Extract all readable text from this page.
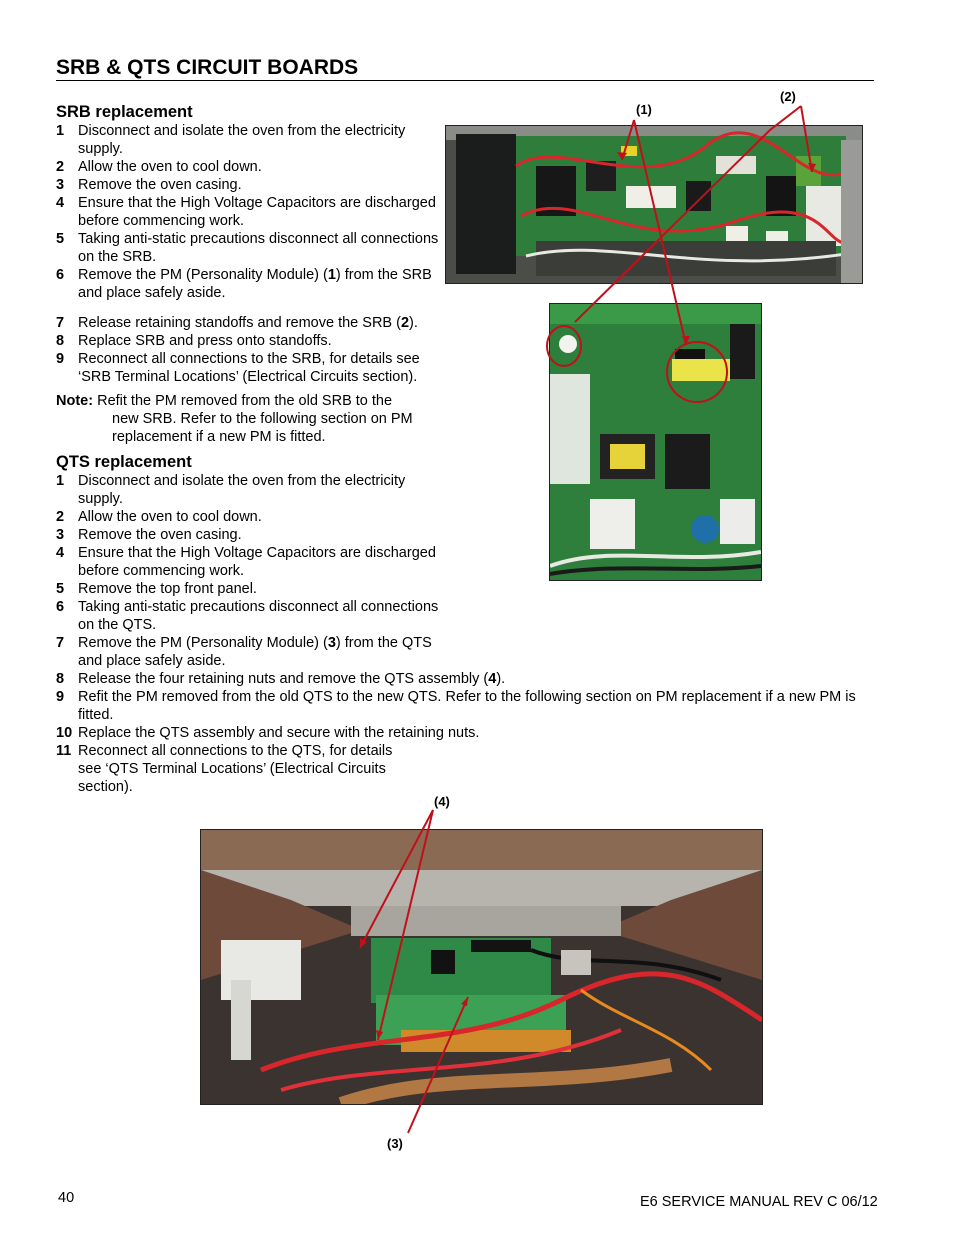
SRB & QTS CIRCUIT BOARDS
SRB replacement
1 Disconnect and isolate the oven from the electricity supply.
2 Allow the oven to cool down.
3 Remove the oven casing.
4 Ensure that the High Voltage Capacitors are discharged before commencing work.
5 Taking anti-static precautions disconnect all connections on the SRB.
6 Remove the PM (Personality Module) (1) from the SRB and place safely aside.
7 Release retaining standoffs and remove the SRB (2).
8 Replace SRB and press onto standoffs.
9 Reconnect all connections to the SRB, for details see ‘SRB Terminal Locations’ (Electrical Circuits section).
Note: Refit the PM removed from the old SRB to the
new SRB. Refer to the following section on PM replacement if a new PM is fitted.
QTS replacement
1 Disconnect and isolate the oven from the electricity supply.
2 Allow the oven to cool down.
3 Remove the oven casing.
4 Ensure that the High Voltage Capacitors are discharged before commencing work.
5 Remove the top front panel.
6 Taking anti-static precautions disconnect all connections on the QTS.
7 Remove the PM (Personality Module) (3) from the QTS and place safely aside.
8 Release the four retaining nuts and remove the QTS assembly (4).
9 Refit the PM removed from the old QTS to the new QTS. Refer to the following section on PM replacement if a new PM is fitted.
10 Replace the QTS assembly and secure with the retaining nuts.
11 Reconnect all connections to the QTS, for details see ‘QTS Terminal Locations’ (Electrical Circuits section).
(1)
(2)
(4)
(3)
40	E6 SERVICE MANUAL REV C 06/12
